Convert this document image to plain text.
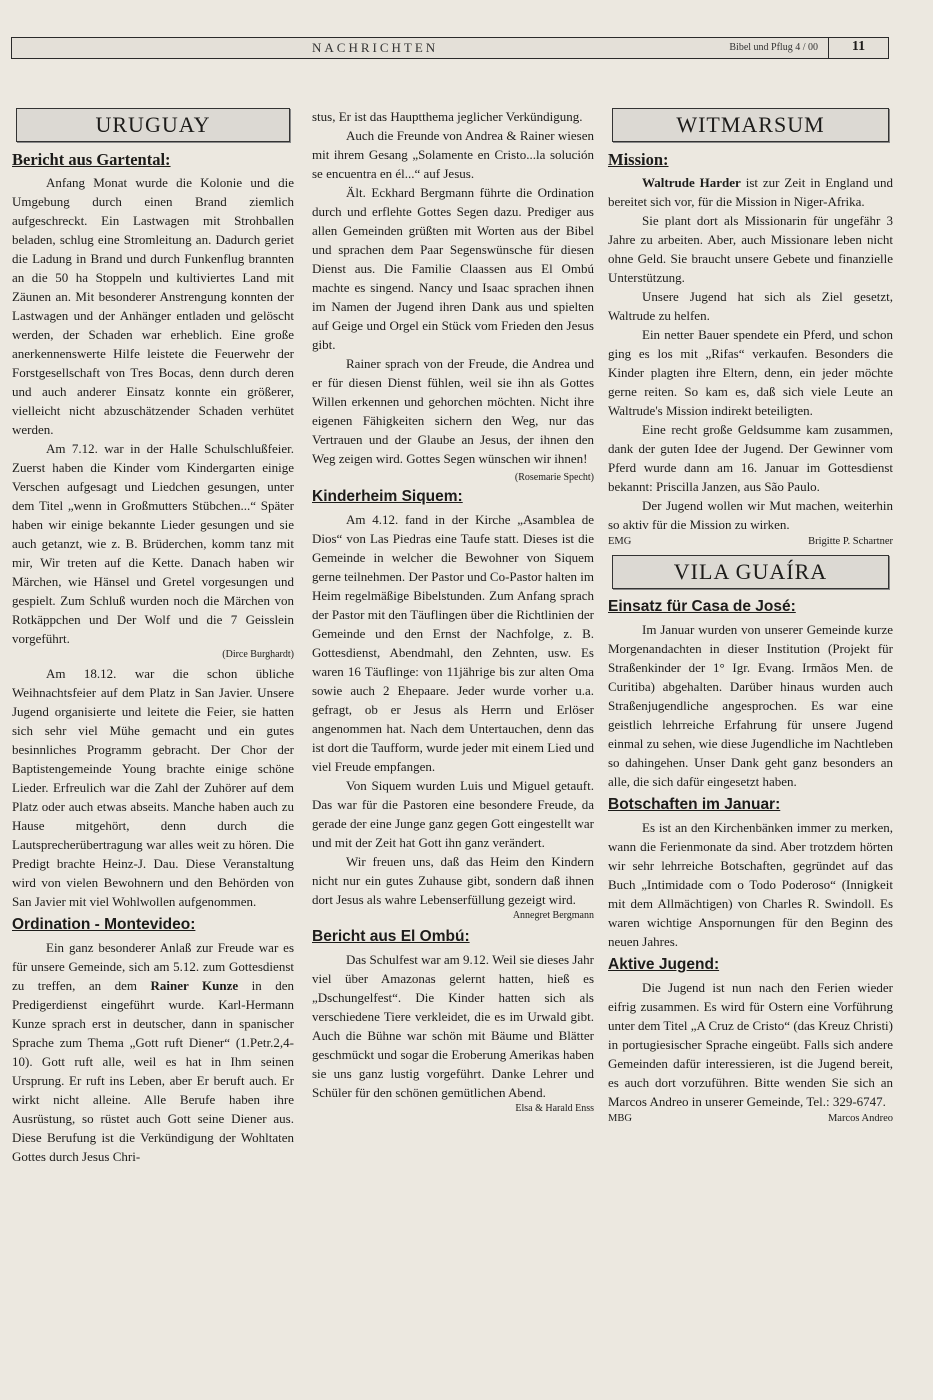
NACHRICHTEN	Bibel und Pflug 4 / 00	11
URUGUAY
Bericht aus Gartental:

Anfang Monat wurde die Kolonie und die Umgebung durch einen Brand ziemlich aufgeschreckt. Ein Lastwagen mit Strohballen beladen, schlug eine Stromleitung an. Dadurch geriet die Ladung in Brand und durch Funkenflug brannten an die 50 ha Stoppeln und kultiviertes Land mit Zäunen an. Mit besonderer Anstrengung konnten der Lastwagen und der Anhänger entladen und gelöscht werden, der Schaden war erheblich. Eine große anerkennenswerte Hilfe leistete die Feuerwehr der Forstgesellschaft von Tres Bocas, denn durch deren und auch anderer Einsatz konnte ein größerer, vielleicht nicht abzuschätzender Schaden verhütet werden.

Am 7.12. war in der Halle Schulschlußfeier. Zuerst haben die Kinder vom Kindergarten einige Verschen aufgesagt und Liedchen gesungen, unter dem Titel „wenn in Großmutters Stübchen...“ Später haben wir einige bekannte Lieder gesungen und sie auch getanzt, wie z. B. Brüderchen, komm tanz mit mir, Wir treten auf die Kette. Danach haben wir Märchen, wie Hänsel und Gretel vorgesungen und gespielt. Zum Schluß wurden noch die Märchen von Rotkäppchen und Der Wolf und die 7 Geisslein vorgeführt.

(Dirce Burghardt)

Am 18.12. war die schon übliche Weihnachtsfeier auf dem Platz in San Javier. Unsere Jugend organisierte und leitete die Feier, sie hatten sich sehr viel Mühe gemacht und ein gutes besinnliches Programm gebracht. Der Chor der Baptistengemeinde Young brachte einige schöne Lieder. Erfreulich war die Zahl der Zuhörer auf dem Platz oder auch etwas abseits. Manche haben auch zu Hause mitgehört, denn durch die Lautsprecherübertragung war alles weit zu hören. Die Predigt brachte Heinz-J. Dau. Diese Veranstaltung wird von vielen Bewohnern und den Behörden von San Javier mit viel Wohlwollen aufgenommen.

Ordination - Montevideo:

Ein ganz besonderer Anlaß zur Freude war es für unsere Gemeinde, sich am 5.12. zum Gottesdienst zu treffen, an dem Rainer Kunze in den Predigerdienst eingeführt wurde. Karl-Hermann Kunze sprach erst in deutscher, dann in spanischer Sprache zum Thema „Gott ruft Diener“ (1.Petr.2,4-10). Gott ruft alle, weil es hat in Ihm seinen Ursprung. Er ruft ins Leben, aber Er beruft auch. Er wirkt nicht alleine. Alle Berufe haben ihre Ausrüstung, so rüstet auch Gott seine Diener aus. Diese Berufung ist die Verkündigung der Wohltaten Gottes durch Jesus Chri-

stus, Er ist das Hauptthema jeglicher Verkündigung.

Auch die Freunde von Andrea & Rainer wiesen mit ihrem Gesang „Solamente en Cristo...la solución se encuentra en él...“ auf Jesus.

Ält. Eckhard Bergmann führte die Ordination durch und erflehte Gottes Segen dazu. Prediger aus allen Gemeinden grüßten mit Worten aus der Bibel und sprachen dem Paar Segenswünsche für diesen Dienst aus. Die Familie Claassen aus El Ombú machte es singend. Nancy und Isaac sprachen ihnen im Namen der Jugend ihren Dank aus und spielten auf Geige und Orgel ein Stück vom Frieden den Jesus gibt.

Rainer sprach von der Freude, die Andrea und er für diesen Dienst fühlen, weil sie ihn als Gottes Willen erkennen und gehorchen möchten. Nicht ihre eigenen Fähigkeiten sichern den Weg, nur das Vertrauen und der Glaube an Jesus, der ihnen den Weg zeigen wird. Gottes Segen wünschen wir ihnen!
(Rosemarie Specht)

Kinderheim Siquem:

Am 4.12. fand in der Kirche „Asamblea de Dios“ von Las Piedras eine Taufe statt. Dieses ist die Gemeinde in welcher die Bewohner von Siquem gerne teilnehmen. Der Pastor und Co-Pastor halten im Heim regelmäßige Bibelstunden. Zum Anfang sprach der Pastor mit den Täuflingen über die Richtlinien der Gemeinde und den Ernst der Nachfolge, z. B. Gottesdienst, Abendmahl, den Zehnten, usw. Es waren 16 Täuflinge: von 11jährige bis zur alten Oma sowie auch 2 Ehepaare. Jeder wurde vorher u.a. gefragt, ob er Jesus als Herrn und Erlöser angenommen hat. Nach dem Untertauchen, denn das ist dort die Taufform, wurde jeder mit einem Lied und viel Freude empfangen.

Von Siquem wurden Luis und Miguel getauft. Das war für die Pastoren eine besondere Freude, da gerade der eine Junge ganz gegen Gott eingestellt war und mit der Zeit hat Gott ihn ganz verändert.

Wir freuen uns, daß das Heim den Kindern nicht nur ein gutes Zuhause gibt, sondern daß ihnen dort Jesus als wahre Lebenserfüllung gezeigt wird.

Annegret Bergmann
Bericht aus El Ombú:

Das Schulfest war am 9.12. Weil sie dieses Jahr viel über Amazonas gelernt hatten, hieß es „Dschungelfest“. Die Kinder hatten sich als verschiedene Tiere verkleidet, die es im Urwald gibt. Auch die Bühne war schön mit Bäume und Blätter geschmückt und sogar die Eroberung Amerikas haben sie uns ganz lustig vorgeführt. Danke Lehrer und Schüler für den schönen gemütlichen Abend.

Elsa & Harald Enss
WITMARSUM
Mission:

Waltrude Harder ist zur Zeit in England und bereitet sich vor, für die Mission in Niger-Afrika.

Sie plant dort als Missionarin für ungefähr 3 Jahre zu arbeiten. Aber, auch Missionare leben nicht ohne Geld. Sie braucht unsere Gebete und finanzielle Unterstützung.

Unsere Jugend hat sich als Ziel gesetzt, Waltrude zu helfen.

Ein netter Bauer spendete ein Pferd, und schon ging es los mit „Rifas“ verkaufen. Besonders die Kinder plagten ihre Eltern, denn, ein jeder möchte gerne reiten. So kam es, daß sich viele Leute an Waltrude's Mission indirekt beteiligten.

Eine recht große Geldsumme kam zusammen, dank der guten Idee der Jugend. Der Gewinner vom Pferd wurde dann am 16. Januar im Gottesdienst bekannt: Priscilla Janzen, aus São Paulo.

Der Jugend wollen wir Mut machen, weiterhin so aktiv für die Mission zu wirken.

EMG	Brigitte P. Schartner
VILA GUAÍRA
Einsatz für Casa de José:

Im Januar wurden von unserer Gemeinde kurze Morgenandachten in dieser Institution (Projekt für Straßenkinder der 1° Igr. Evang. Irmãos Men. de Curitiba) abgehalten. Darüber hinaus wurden auch Straßenjugendliche angesprochen. Es war eine geistlich lehrreiche Erfahrung für unsere Jugend einmal zu sehen, wie diese Jugendliche im Nachtleben so dahingehen. Unser Dank geht ganz besonders an alle, die sich dafür eingesetzt haben.

Botschaften im Januar:

Es ist an den Kirchenbänken immer zu merken, wann die Ferienmonate da sind. Aber trotzdem hörten wir sehr lehrreiche Botschaften, gegründet auf das Buch „Intimidade com o Todo Poderoso“ (Innigkeit mit dem Allmächtigen) von Charles R. Swindoll. Es waren wichtige Anspornungen für den Beginn des neuen Jahres.

Aktive Jugend:

Die Jugend ist nun nach den Ferien wieder eifrig zusammen. Es wird für Ostern eine Vorführung unter dem Titel „A Cruz de Cristo“ (das Kreuz Christi) in portugiesischer Sprache eingeübt. Falls sich andere Gemeinden dafür interessieren, ist die Jugend bereit, es auch dort vorzuführen. Bitte wenden Sie sich an Marcos Andreo in unserer Gemeinde, Tel.: 329-6747.

MBG	Marcos Andreo
